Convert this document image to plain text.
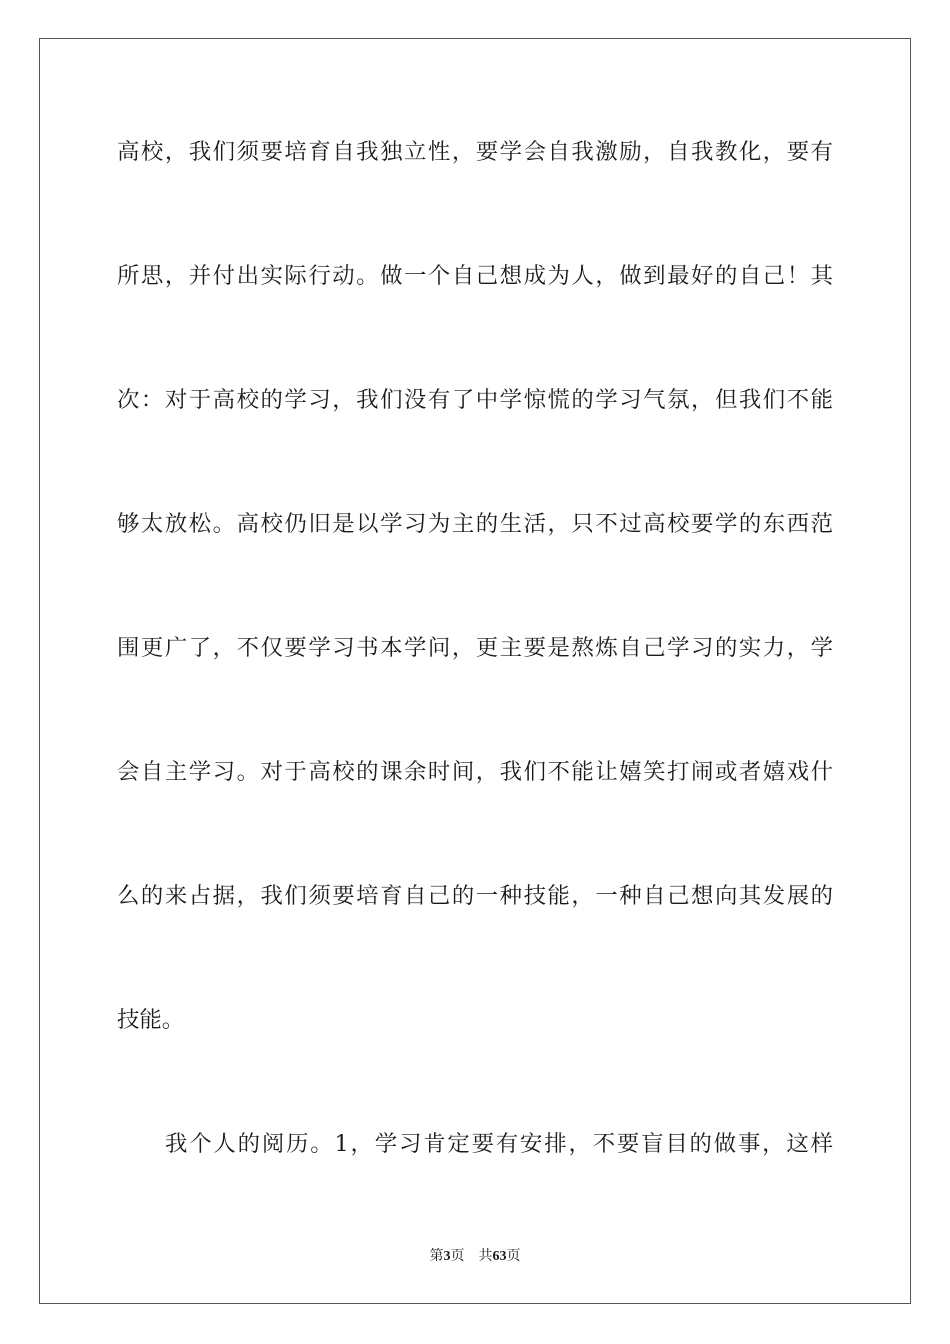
高校，我们须要培育自我独立性，要学会自我激励，自我教化，要有
所思，并付出实际行动。做一个自己想成为人，做到最好的自己！其
次：对于高校的学习，我们没有了中学惊慌的学习气氛，但我们不能
够太放松。高校仍旧是以学习为主的生活，只不过高校要学的东西范
围更广了，不仅要学习书本学问，更主要是熬炼自己学习的实力，学
会自主学习。对于高校的课余时间，我们不能让嬉笑打闹或者嬉戏什
么的来占据，我们须要培育自己的一种技能，一种自己想向其发展的
技能。
我个人的阅历。1，学习肯定要有安排，不要盲目的做事，这样
第3页 共63页
